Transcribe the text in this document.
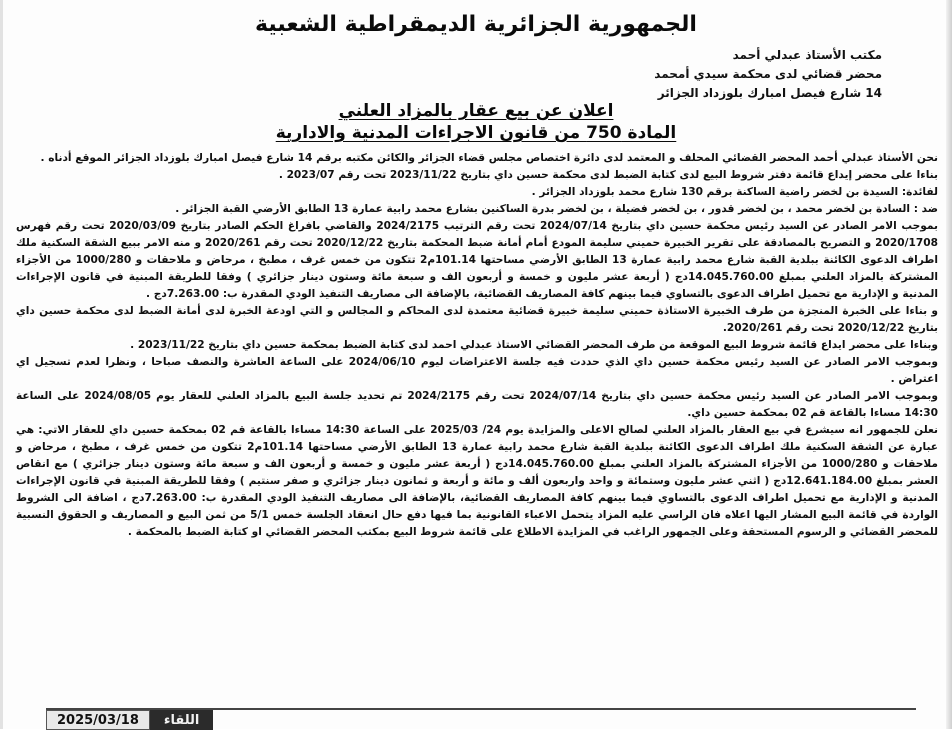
الجمهورية الجزائرية الديمقراطية الشعبية
مكتب الأستاذ عبدلي أحمد
محضر قضائي لدى محكمة سيدي أمحمد
14 شارع فيصل امبارك بلوزداد الجزائر
اعلان عن بيع عقار بالمزاد العلني
المادة 750 من قانون الاجراءات المدنية والادارية

نحن الأستاذ عبدلي أحمد المحضر القضائي المحلف و المعتمد لدى دائرة اختصاص مجلس قضاء الجزائر والكائن مكتبه برقم 14 شارع فيصل امبارك بلوزداد الجزائر الموقع أدناه .

بناءا على محضر إيداع قائمة دفتر شروط البيع لدى كتابة الضبط لدى محكمة حسين داي بتاريخ 2023/11/22 تحت رقم 2023/07 .

لفائدة: السيدة بن لخضر راضية الساكنة برقم 130 شارع محمد بلوزداد الجزائر .

ضد : السادة بن لخضر محمد ، بن لخضر قدور ، بن لخضر فضيلة ، بن لخضر بدرة الساكنين بشارع محمد رابية عمارة 13 الطابق الأرضي القبة الجزائر .

بموجب الامر الصادر عن السيد رئيس محكمة حسين داي بتاريخ 2024/07/14 تحت رقم الترتيب 2024/2175 والقاضي بافراغ الحكم الصادر بتاريخ 2020/03/09 تحت رقم فهرس 2020/1708 و التصريح بالمصادقة على تقرير الخبيرة حميني سليمة المودع أمام أمانة ضبط المحكمة بتاريخ 2020/12/22 تحت رقم 2020/261 و منه الامر ببيع الشقة السكنية ملك اطراف الدعوى الكائنة ببلدية القبة شارع محمد رابية عمارة 13 الطابق الأرضي مساحتها 101.14م2 تتكون من خمس غرف ، مطبخ ، مرحاض و ملاحقات و 1000/280 من الأجزاء المشتركة بالمزاد العلني بمبلغ 14.045.760.00دج ( أربعة عشر مليون و خمسة و أربعون الف و سبعة مائة وستون دينار جزائري ) وفقا للطريقة المبنية في قانون الإجراءات المدنية و الإدارية مع تحميل اطراف الدعوى بالتساوي فيما بينهم كافة المصاريف القضائية، بالإضافة الى مصاريف التنفيذ الودي المقدرة ب: 7.263.00دج .

و بناءا على الخبرة المنجزة من طرف الخبيرة الاستاذة حميني سليمة خبيرة قضائية معتمدة لدى المحاكم و المجالس و التي اودعة الخبرة لدى أمانة الضبط لدى محكمة حسين داي بتاريخ 2020/12/22 تحت رقم 2020/261.

وبناءا على محضر ايداع قائمة شروط البيع الموقعة من طرف المحضر القضائي الاستاذ عبدلي احمد لدى كتابة الضبط بمحكمة حسين داي بتاريخ 2023/11/22 .

وبموجب الامر الصادر عن السيد رئيس محكمة حسين داي الذي حددت فيه جلسة الاعتراضات ليوم 2024/06/10 على الساعة العاشرة والنصف صباحا ، ونظرا لعدم تسجيل اي اعتراض .

وبموجب الامر الصادر عن السيد رئيس محكمة حسين داي بتاريخ 2024/07/14 تحت رقم 2024/2175 تم تحديد جلسة البيع بالمزاد العلني للعقار يوم 2024/08/05 على الساعة 14:30 مساءا بالقاعة قم 02 بمحكمة حسين داي.

نعلن للجمهور انه سيشرع في بيع العقار بالمزاد العلني لصالح الاعلى والمزايدة يوم 24/ 2025/03 على الساعة 14:30 مساءا بالقاعة قم 02 بمحكمة حسين داي للعقار الاتي: هي عبارة عن الشقة السكنية ملك اطراف الدعوى الكائنة ببلدية القبة شارع محمد رابية عمارة 13 الطابق الأرضي مساحتها 101.14م2 تتكون من خمس غرف ، مطبخ ، مرحاض و ملاحقات و 1000/280 من الأجزاء المشتركة بالمزاد العلني بمبلغ 14.045.760.00دج ( أربعة عشر مليون و خمسة و أربعون الف و سبعة مائة وستون دينار جزائري ) مع انقاص العشر بمبلغ 12.641.184.00دج ( اثني عشر مليون وستمائة و واحد واربعون ألف و مائة و أربعة و ثمانون دينار جزائري و صفر سنتيم ) وفقا للطريقة المبنية في قانون الإجراءات المدنية و الإدارية مع تحميل اطراف الدعوى بالتساوي فيما بينهم كافة المصاريف القضائية، بالإضافة الى مصاريف التنفيذ الودي المقدرة ب: 7.263.00دج ، اضافة الى الشروط الواردة في قائمة البيع المشار اليها اعلاه فان الراسي عليه المزاد يتحمل الاعباء القانونية بما فيها دفع حال انعقاد الجلسة خمس 5/1 من ثمن البيع و المصاريف و الحقوق النسبية للمحضر القضائي و الرسوم المستحقة وعلى الجمهور الراغب في المزايدة الاطلاع على قائمة شروط البيع بمكتب المحضر القضائي او كتابة الضبط بالمحكمة .

2025/03/18	اللقاء
